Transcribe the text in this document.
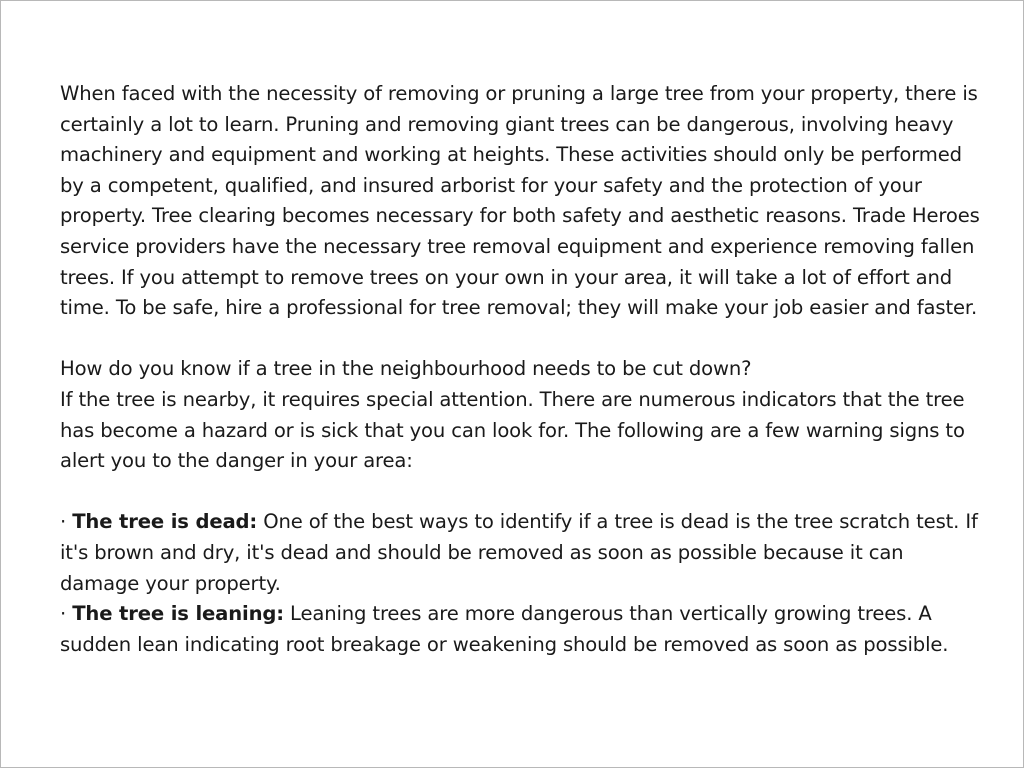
When faced with the necessity of removing or pruning a large tree from your property, there is certainly a lot to learn. Pruning and removing giant trees can be dangerous, involving heavy machinery and equipment and working at heights. These activities should only be performed by a competent, qualified, and insured arborist for your safety and the protection of your property. Tree clearing becomes necessary for both safety and aesthetic reasons. Trade Heroes service providers have the necessary tree removal equipment and experience removing fallen trees. If you attempt to remove trees on your own in your area, it will take a lot of effort and time. To be safe, hire a professional for tree removal; they will make your job easier and faster.

How do you know if a tree in the neighbourhood needs to be cut down?

If the tree is nearby, it requires special attention. There are numerous indicators that the tree has become a hazard or is sick that you can look for. The following are a few warning signs to alert you to the danger in your area:

· The tree is dead: One of the best ways to identify if a tree is dead is the tree scratch test. If it's brown and dry, it's dead and should be removed as soon as possible because it can damage your property.

· The tree is leaning: Leaning trees are more dangerous than vertically growing trees. A sudden lean indicating root breakage or weakening should be removed as soon as possible.
